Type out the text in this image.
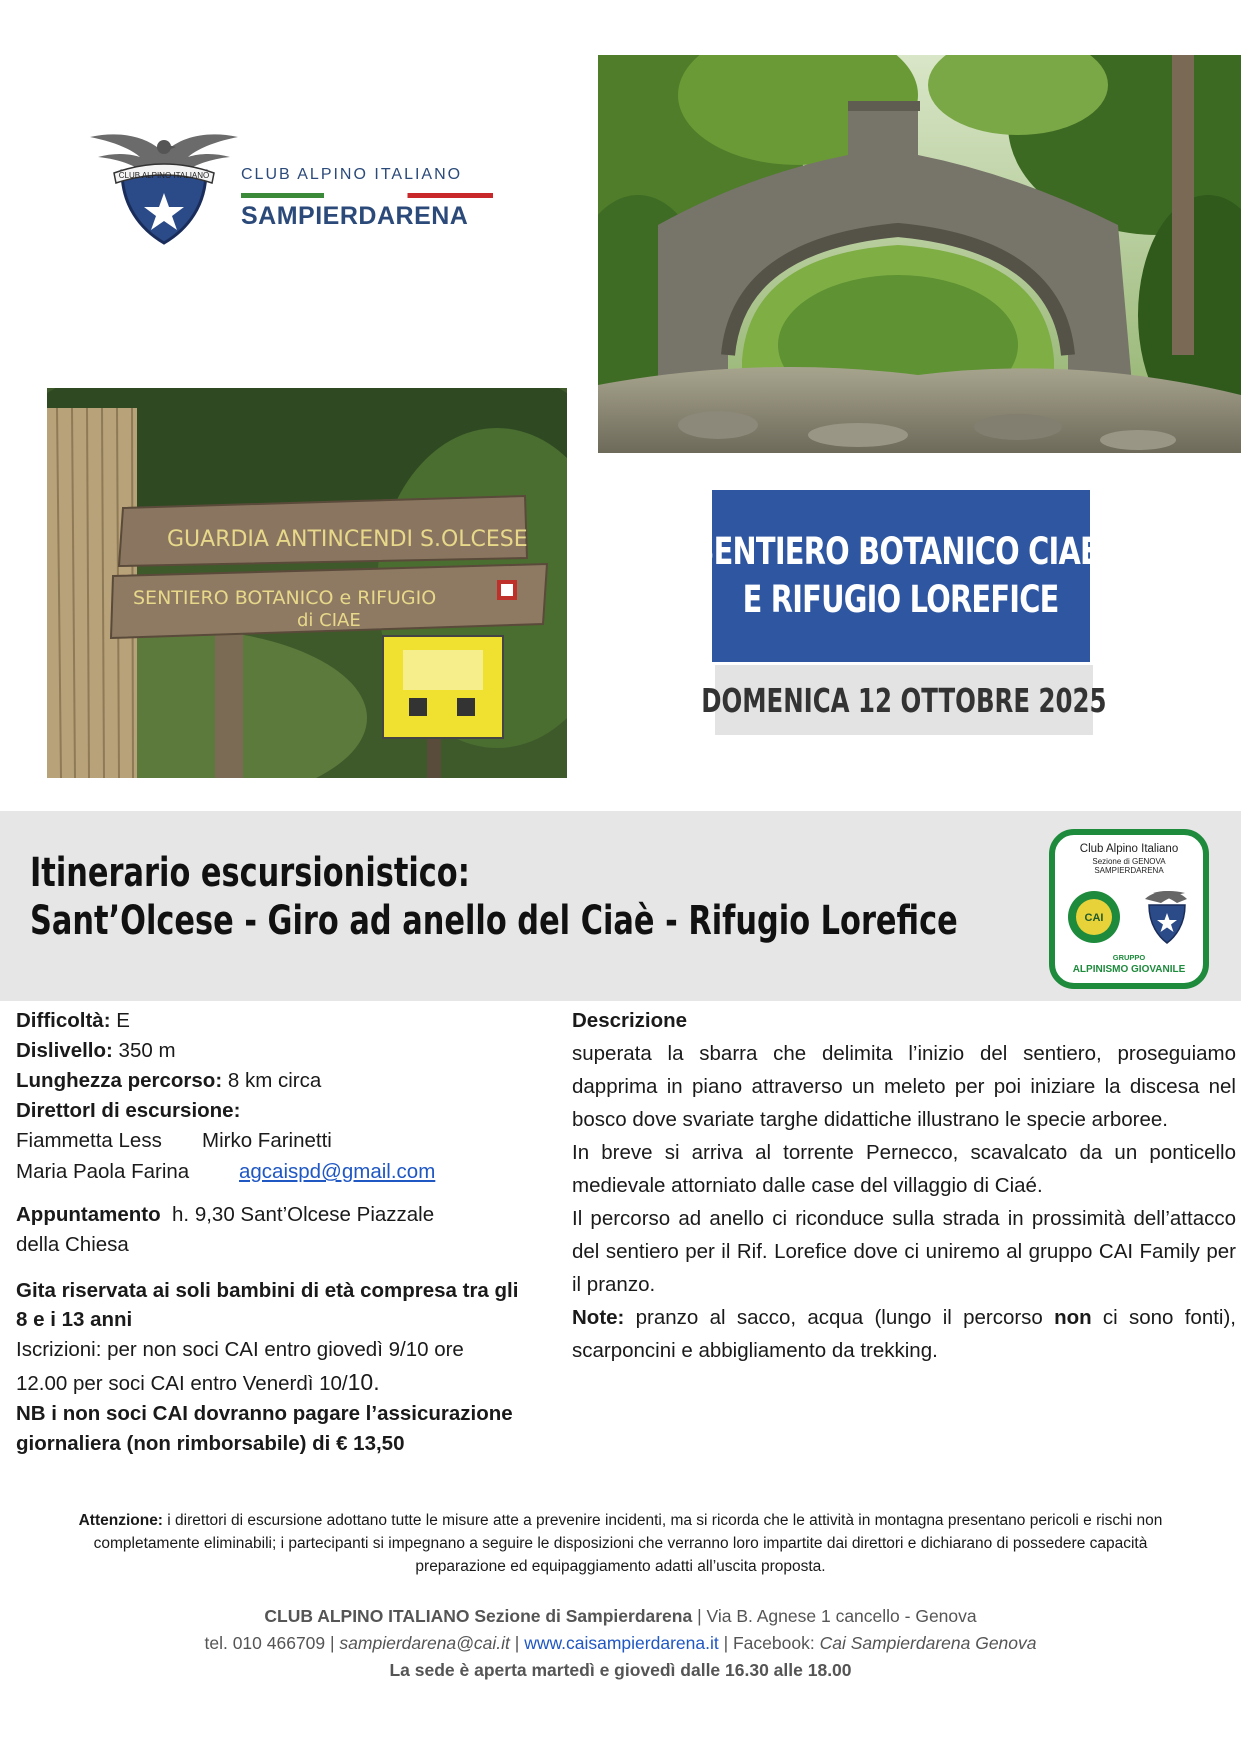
CLUB ALPINO ITALIANO CLUB ALPINO ITALIANO
SAMPIERDARENA
GUARDIA ANTINCENDI S.OLCESE
SENTIERO BOTANICO e RIFUGIO
di CIAE
SENTIERO BOTANICO CIAE’
E RIFUGIO LOREFICE
DOMENICA 12 OTTOBRE 2025
Itinerario escursionistico:
Sant’Olcese - Giro ad anello del Ciaè - Rifugio Lorefice
Club Alpino Italiano
Sezione di GENOVA
SAMPIERDARENA
CAI
GRUPPO
ALPINISMO GIOVANILE
Difficoltà: E
Dislivello: 350 m
Lunghezza percorso: 8 km circa
DirettorI di escursione:
Fiammetta Less Mirko Farinetti
Maria Paola Farina agcaispd@gmail.com
Appuntamento h. 9,30 Sant’Olcese Piazzale
della Chiesa
Gita riservata ai soli bambini di età compresa tra gli
8 e i 13 anni
Iscrizioni: per non soci CAI entro giovedì 9/10 ore
12.00 per soci CAI entro Venerdì 10/10.
NB i non soci CAI dovranno pagare l’assicurazione
giornaliera (non rimborsabile) di € 13,50

Descrizione

superata la sbarra che delimita l’inizio del sentiero, proseguiamo dapprima in piano attraverso un meleto per poi iniziare la discesa nel bosco dove svariate targhe didattiche illustrano le specie arboree.

In breve si arriva al torrente Pernecco, scavalcato da un ponticello medievale attorniato dalle case del villaggio di Ciaé.

Il percorso ad anello ci riconduce sulla strada in prossimità dell’attacco del sentiero per il Rif. Lorefice dove ci uniremo al gruppo CAI Family per il pranzo.

Note: pranzo al sacco, acqua (lungo il percorso non ci sono fonti), scarponcini e abbigliamento da trekking.

Attenzione: i direttori di escursione adottano tutte le misure atte a prevenire incidenti, ma si ricorda che le attività in montagna presentano pericoli e rischi non completamente eliminabili; i partecipanti si impegnano a seguire le disposizioni che verranno loro impartite dai direttori e dichiarano di possedere capacità preparazione ed equipaggiamento adatti all’uscita proposta.
CLUB ALPINO ITALIANO Sezione di Sampierdarena | Via B. Agnese 1 cancello - Genova
tel. 010 466709 | sampierdarena@cai.it | www.caisampierdarena.it | Facebook: Cai Sampierdarena Genova
La sede è aperta martedì e giovedì dalle 16.30 alle 18.00
